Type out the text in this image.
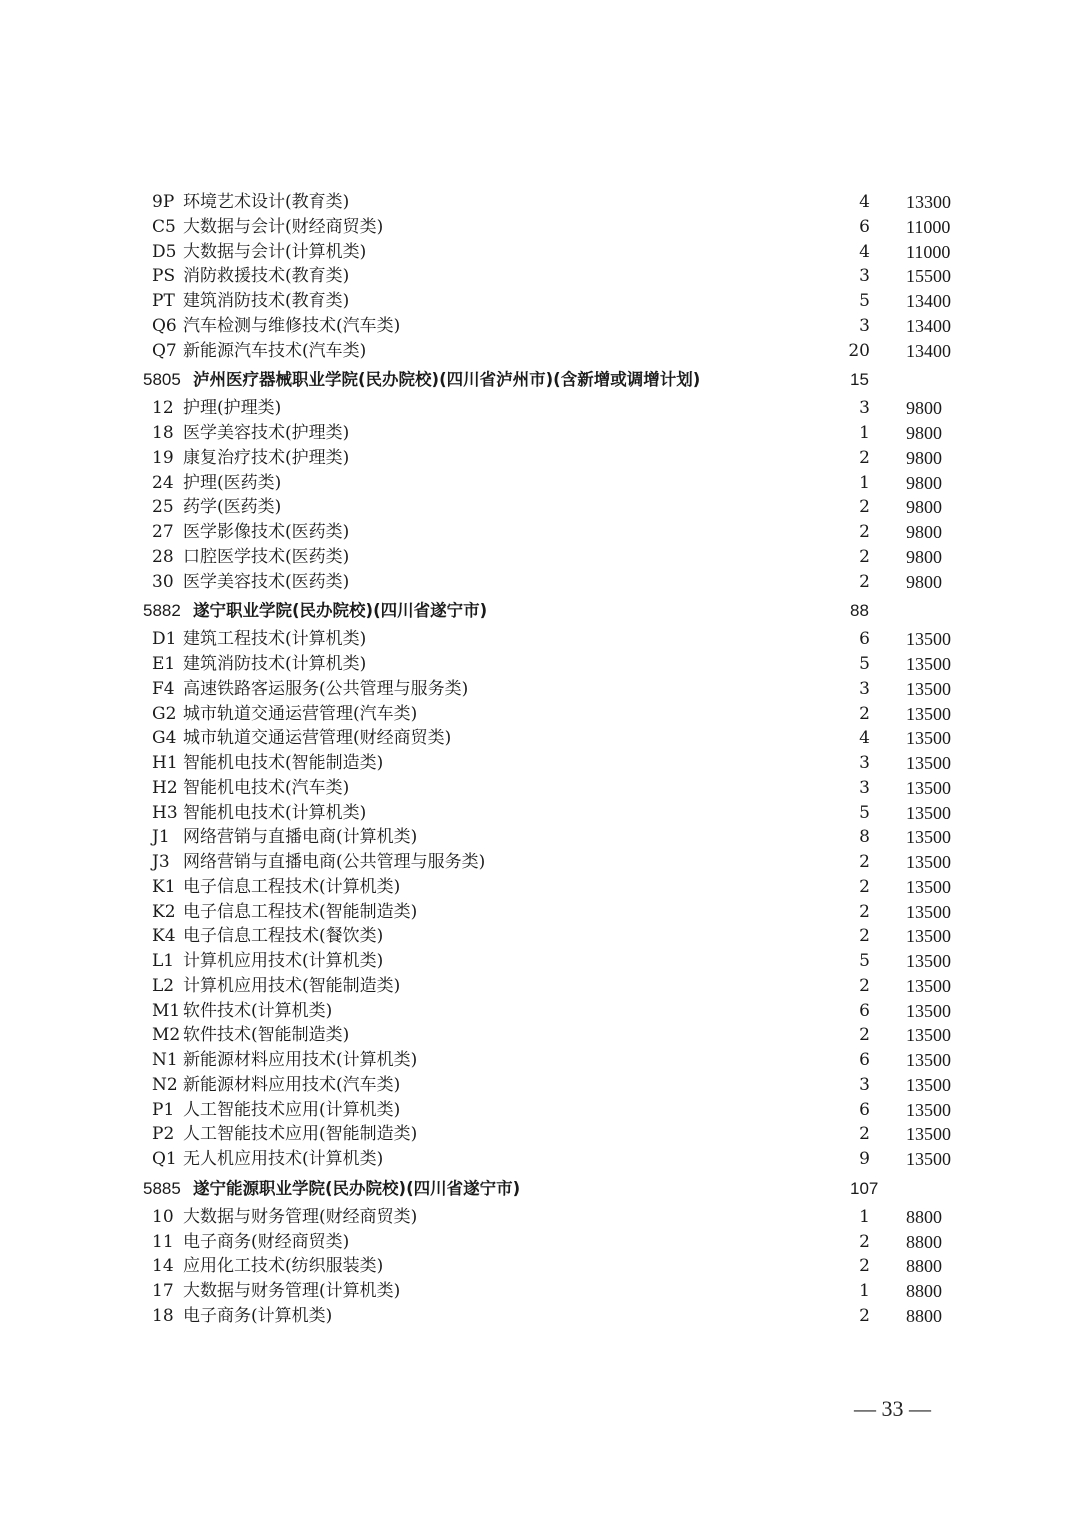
9P 环境艺术设计(教育类)	4 13300
C5 大数据与会计(财经商贸类)	6 11000
D5 大数据与会计(计算机类)	4 11000
PS 消防救援技术(教育类)	3 15500
PT 建筑消防技术(教育类)	5 13400
Q6 汽车检测与维修技术(汽车类)	3 13400
Q7 新能源汽车技术(汽车类)	20 13400
5805 泸州医疗器械职业学院(民办院校)(四川省泸州市)(含新增或调增计划)	15
12 护理(护理类)	3 9800
18 医学美容技术(护理类)	1 9800
19 康复治疗技术(护理类)	2 9800
24 护理(医药类)	1 9800
25 药学(医药类)	2 9800
27 医学影像技术(医药类)	2 9800
28 口腔医学技术(医药类)	2 9800
30 医学美容技术(医药类)	2 9800
5882 遂宁职业学院(民办院校)(四川省遂宁市)	88
D1 建筑工程技术(计算机类)	6 13500
E1 建筑消防技术(计算机类)	5 13500
F4 高速铁路客运服务(公共管理与服务类)	3 13500
G2 城市轨道交通运营管理(汽车类)	2 13500
G4 城市轨道交通运营管理(财经商贸类)	4 13500
H1 智能机电技术(智能制造类)	3 13500
H2 智能机电技术(汽车类)	3 13500
H3 智能机电技术(计算机类)	5 13500
J1 网络营销与直播电商(计算机类)	8 13500
J3 网络营销与直播电商(公共管理与服务类)	2 13500
K1 电子信息工程技术(计算机类)	2 13500
K2 电子信息工程技术(智能制造类)	2 13500
K4 电子信息工程技术(餐饮类)	2 13500
L1 计算机应用技术(计算机类)	5 13500
L2 计算机应用技术(智能制造类)	2 13500
M1 软件技术(计算机类)	6 13500
M2 软件技术(智能制造类)	2 13500
N1 新能源材料应用技术(计算机类)	6 13500
N2 新能源材料应用技术(汽车类)	3 13500
P1 人工智能技术应用(计算机类)	6 13500
P2 人工智能技术应用(智能制造类)	2 13500
Q1 无人机应用技术(计算机类)	9 13500
5885 遂宁能源职业学院(民办院校)(四川省遂宁市)	107
10 大数据与财务管理(财经商贸类)	1 8800
11 电子商务(财经商贸类)	2 8800
14 应用化工技术(纺织服装类)	2 8800
17 大数据与财务管理(计算机类)	1 8800
18 电子商务(计算机类)	2 8800
— 33 —
